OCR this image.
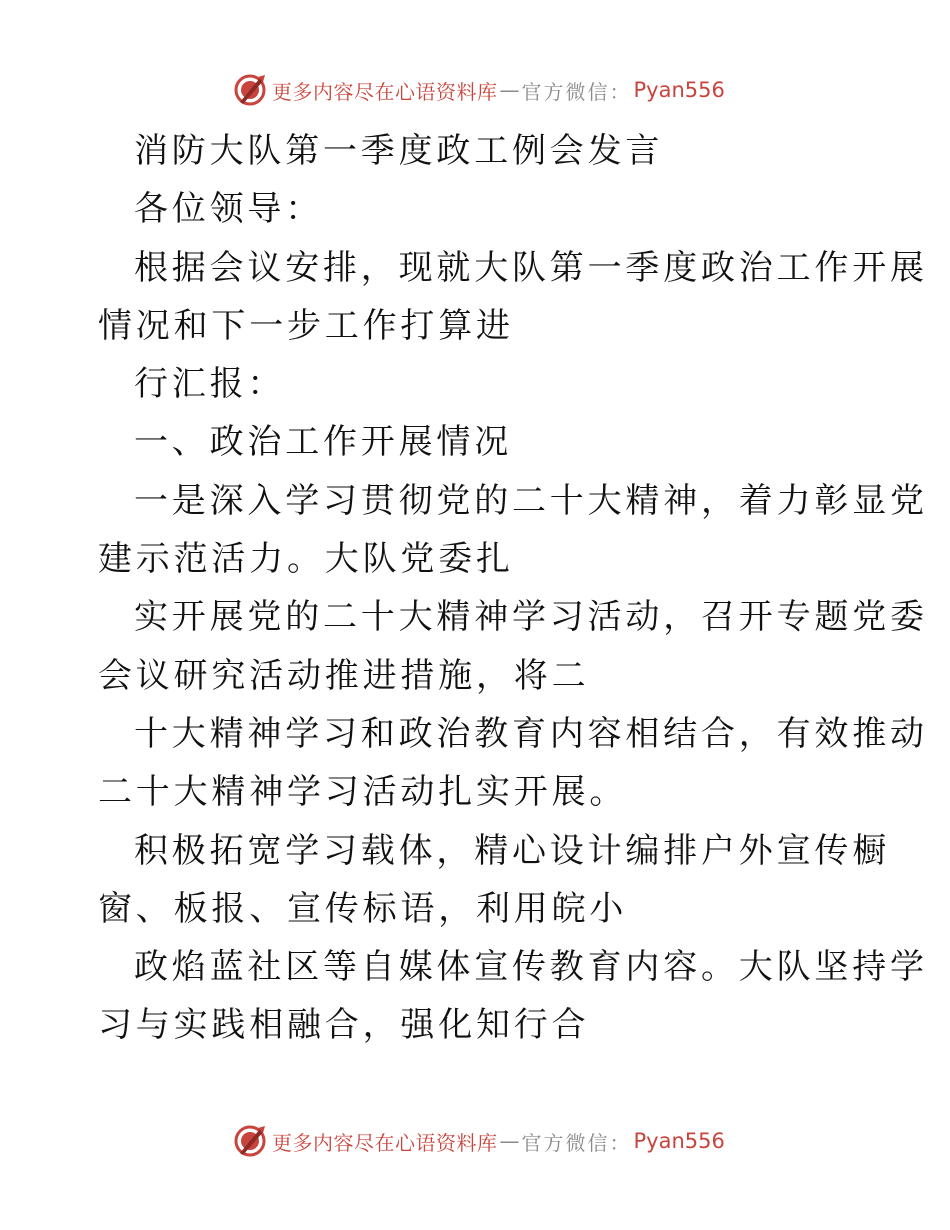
更多内容尽在心语资料库 — 官方微信： Pyan556
消防大队第一季度政工例会发言
各位领导：
根据会议安排，现就大队第一季度政治工作开展
情况和下一步工作打算进
行汇报：
一、政治工作开展情况
一是深入学习贯彻党的二十大精神，着力彰显党
建示范活力。大队党委扎
实开展党的二十大精神学习活动，召开专题党委
会议研究活动推进措施，将二
十大精神学习和政治教育内容相结合，有效推动
二十大精神学习活动扎实开展。
积极拓宽学习载体，精心设计编排户外宣传橱
窗、板报、宣传标语，利用皖小
政焰蓝社区等自媒体宣传教育内容。大队坚持学
习与实践相融合，强化知行合
更多内容尽在心语资料库 — 官方微信： Pyan556
